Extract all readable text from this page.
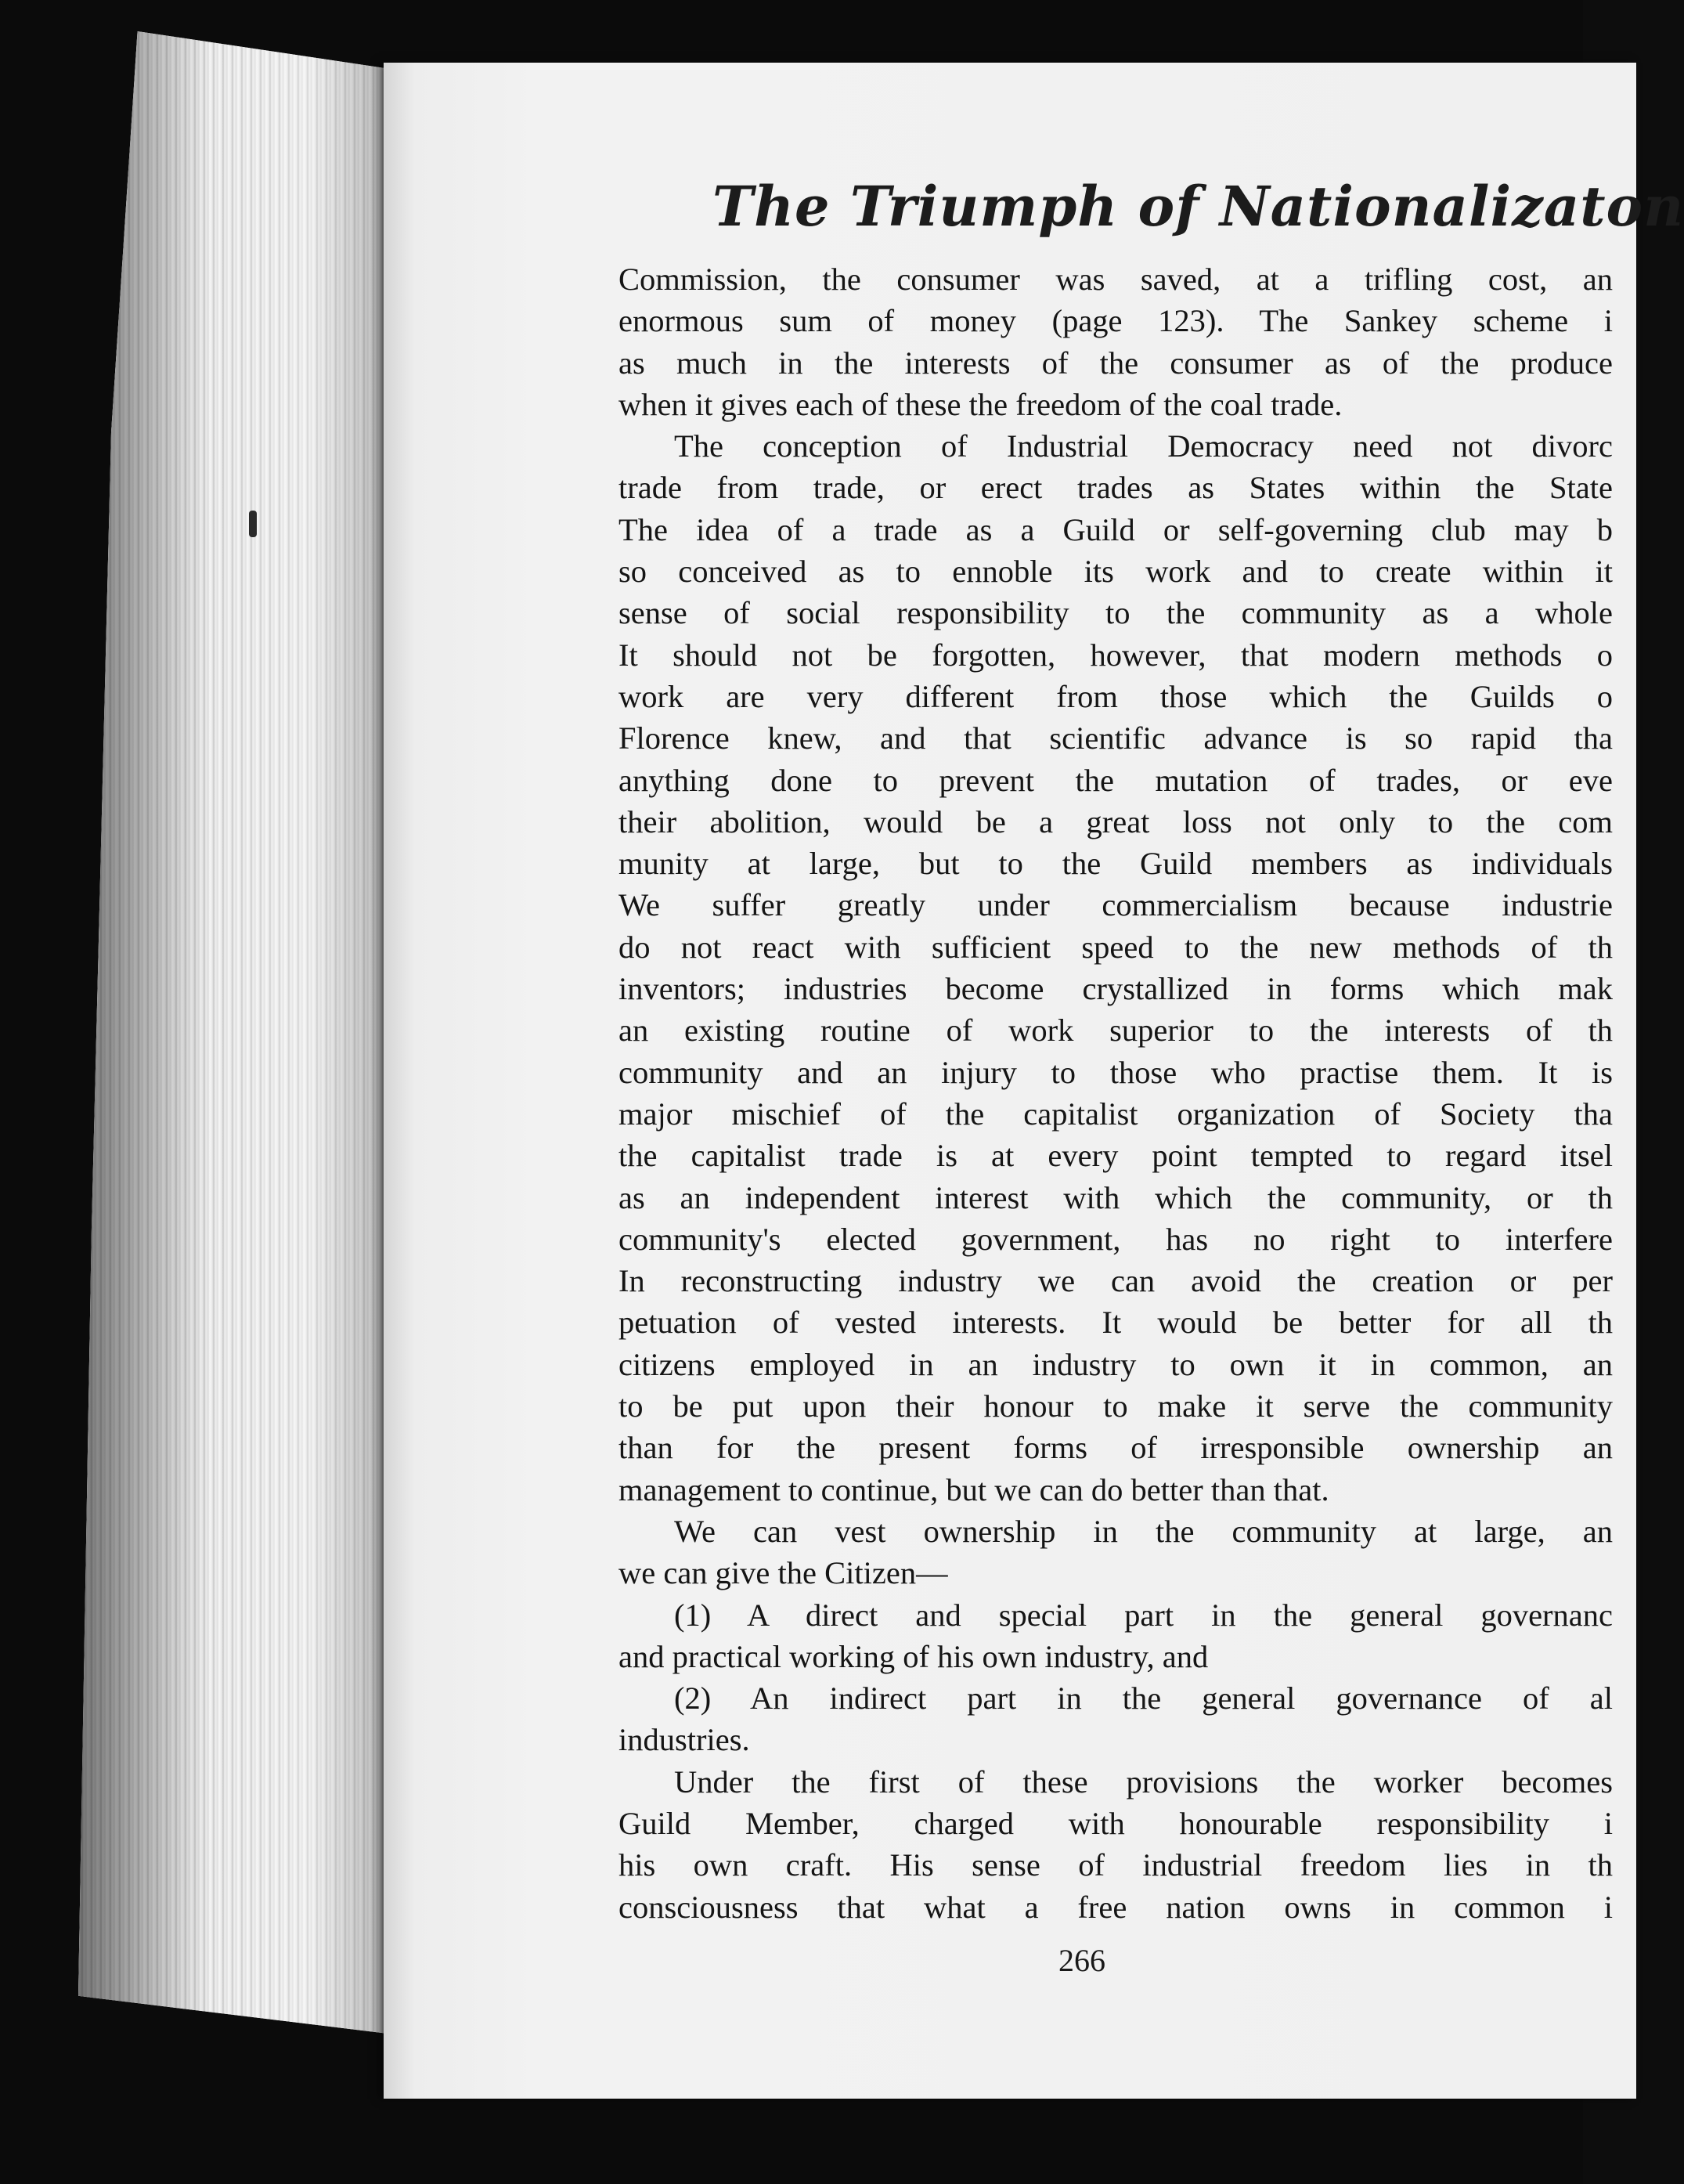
The Triumph of Nationalizaton
Commission, the consumer was saved, at a trifling cost, an
enormous sum of money (page 123). The Sankey scheme i
as much in the interests of the consumer as of the produce
when it gives each of these the freedom of the coal trade.
The conception of Industrial Democracy need not divorc
trade from trade, or erect trades as States within the State
The idea of a trade as a Guild or self-governing club may b
so conceived as to ennoble its work and to create within it
sense of social responsibility to the community as a whole
It should not be forgotten, however, that modern methods o
work are very different from those which the Guilds o
Florence knew, and that scientific advance is so rapid tha
anything done to prevent the mutation of trades, or eve
their abolition, would be a great loss not only to the com
munity at large, but to the Guild members as individuals
We suffer greatly under commercialism because industrie
do not react with sufficient speed to the new methods of th
inventors; industries become crystallized in forms which mak
an existing routine of work superior to the interests of th
community and an injury to those who practise them. It is
major mischief of the capitalist organization of Society tha
the capitalist trade is at every point tempted to regard itsel
as an independent interest with which the community, or th
community's elected government, has no right to interfere
In reconstructing industry we can avoid the creation or per
petuation of vested interests. It would be better for all th
citizens employed in an industry to own it in common, an
to be put upon their honour to make it serve the community
than for the present forms of irresponsible ownership an
management to continue, but we can do better than that.
We can vest ownership in the community at large, an
we can give the Citizen—
(1) A direct and special part in the general governanc
and practical working of his own industry, and
(2) An indirect part in the general governance of al
industries.
Under the first of these provisions the worker becomes
Guild Member, charged with honourable responsibility i
his own craft. His sense of industrial freedom lies in th
consciousness that what a free nation owns in common i

266
